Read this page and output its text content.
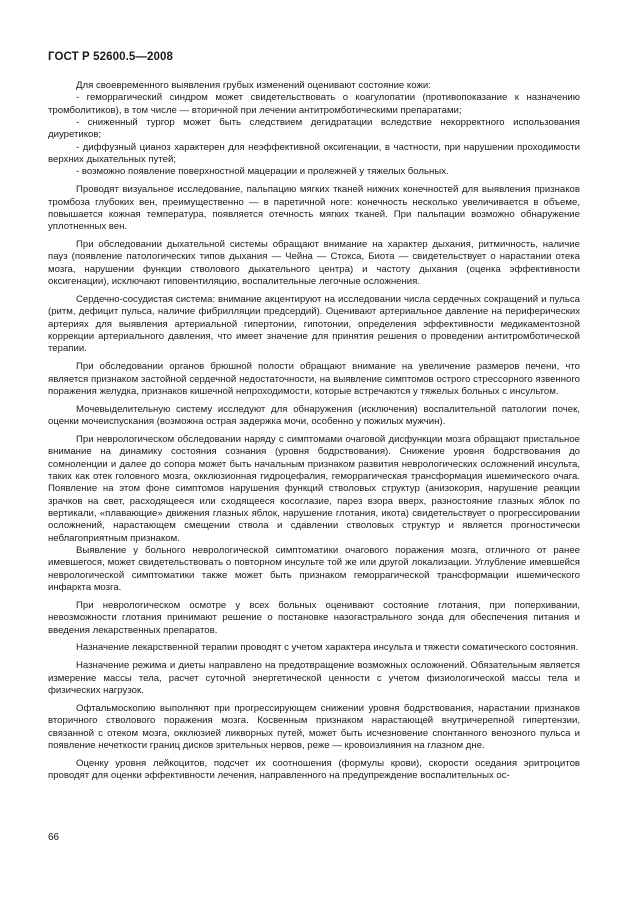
ГОСТ Р 52600.5—2008

Для своевременного выявления грубых изменений оценивают состояние кожи:

- геморрагический синдром может свидетельствовать о коагулопатии (противопоказание к назначению тромболитиков), в том числе — вторичной при лечении антитромботическими препаратами;

- сниженный тургор может быть следствием дегидратации вследствие некорректного использования диуретиков;

- диффузный цианоз характерен для неэффективной оксигенации, в частности, при нарушении проходимости верхних дыхательных путей;

- возможно появление поверхностной мацерации и пролежней у тяжелых больных.

Проводят визуальное исследование, пальпацию мягких тканей нижних конечностей для выявления признаков тромбоза глубоких вен, преимущественно — в паретичной ноге: конечность несколько увеличивается в объеме, повышается кожная температура, появляется отечность мягких тканей. При пальпации возможно обнаружение уплотненных вен.

При обследовании дыхательной системы обращают внимание на характер дыхания, ритмичность, наличие пауз (появление патологических типов дыхания — Чейна — Стокса, Биота — свидетельствует о нарастании отека мозга, нарушении функции стволового дыхательного центра) и частоту дыхания (оценка эффективности оксигенации), исключают гиповентиляцию, воспалительные легочные осложнения.

Сердечно-сосудистая система: внимание акцентируют на исследовании числа сердечных сокращений и пульса (ритм, дефицит пульса, наличие фибрилляции предсердий). Оценивают артериальное давление на периферических артериях для выявления артериальной гипертонии, гипотонии, определения эффективности медикаментозной коррекции артериального давления, что имеет значение для принятия решения о проведении антитромботической терапии.

При обследовании органов брюшной полости обращают внимание на увеличение размеров печени, что является признаком застойной сердечной недостаточности, на выявление симптомов острого стрессорного язвенного поражения желудка, признаков кишечной непроходимости, которые встречаются у тяжелых больных с инсультом.

Мочевыделительную систему исследуют для обнаружения (исключения) воспалительной патологии почек, оценки мочеиспускания (возможна острая задержка мочи, особенно у пожилых мужчин).

При неврологическом обследовании наряду с симптомами очаговой дисфункции мозга обращают пристальное внимание на динамику состояния сознания (уровня бодрствования). Снижение уровня бодрствования до сомноленции и далее до сопора может быть начальным признаком развития неврологических осложнений инсульта, таких как отек головного мозга, окклюзионная гидроцефалия, геморрагическая трансформация ишемического очага. Появление на этом фоне симптомов нарушения функций стволовых структур (анизокория, нарушение реакции зрачков на свет, расходящееся или сходящееся косоглазие, парез взора вверх, разностояние глазных яблок по вертикали, «плавающие» движения глазных яблок, нарушение глотания, икота) свидетельствует о прогрессировании осложнений, нарастающем смещении ствола и сдавлении стволовых структур и является прогностически неблагоприятным признаком.

Выявление у больного неврологической симптоматики очагового поражения мозга, отличного от ранее имевшегося, может свидетельствовать о повторном инсульте той же или другой локализации. Углубление имевшейся неврологической симптоматики также может быть признаком геморрагической трансформации ишемического инфаркта мозга.

При неврологическом осмотре у всех больных оценивают состояние глотания, при поперхивании, невозможности глотания принимают решение о постановке назогастрального зонда для обеспечения питания и введения лекарственных препаратов.

Назначение лекарственной терапии проводят с учетом характера инсульта и тяжести соматического состояния.

Назначение режима и диеты направлено на предотвращение возможных осложнений. Обязательным является измерение массы тела, расчет суточной энергетической ценности с учетом физиологической массы тела и физических нагрузок.

Офтальмоскопию выполняют при прогрессирующем снижении уровня бодрствования, нарастании признаков вторичного стволового поражения мозга. Косвенным признаком нарастающей внутричерепной гипертензии, связанной с отеком мозга, окклюзией ликворных путей, может быть исчезновение спонтанного венозного пульса и появление нечеткости границ дисков зрительных нервов, реже — кровоизлияния на глазном дне.

Оценку уровня лейкоцитов, подсчет их соотношения (формулы крови), скорости оседания эритроцитов проводят для оценки эффективности лечения, направленного на предупреждение воспалительных ос-

66
